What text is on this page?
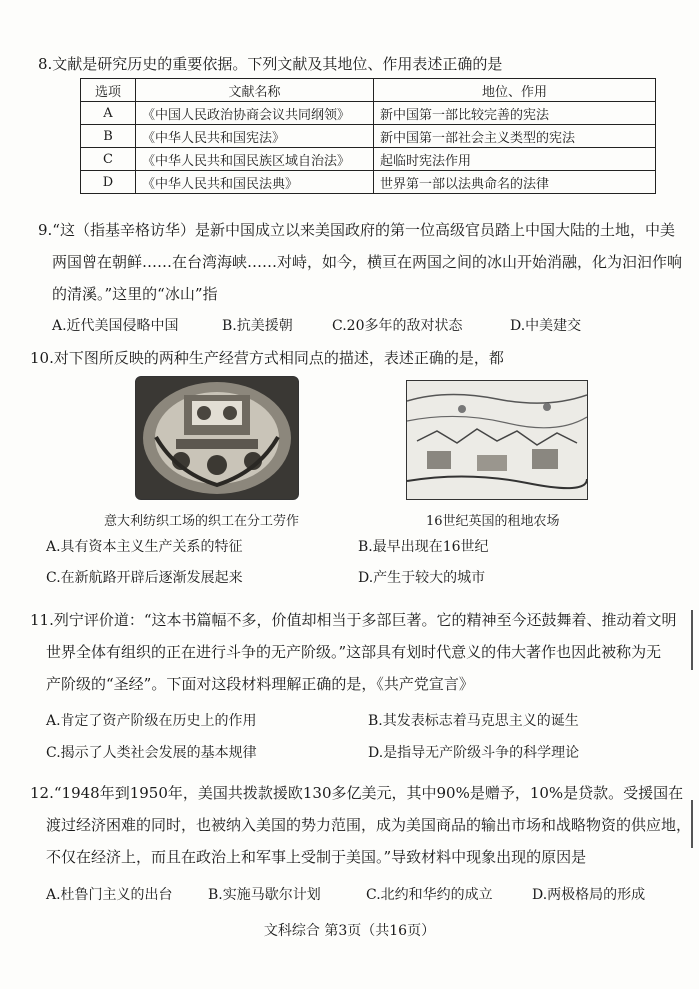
8.文献是研究历史的重要依据。下列文献及其地位、作用表述正确的是
选项	文献名称	地位、作用
A	《中国人民政治协商会议共同纲领》	新中国第一部比较完善的宪法
B	《中华人民共和国宪法》	新中国第一部社会主义类型的宪法
C	《中华人民共和国民族区域自治法》	起临时宪法作用
D	《中华人民共和国民法典》	世界第一部以法典命名的法律
9.“这（指基辛格访华）是新中国成立以来美国政府的第一位高级官员踏上中国大陆的土地，中美
两国曾在朝鲜……在台湾海峡……对峙，如今，横亘在两国之间的冰山开始消融，化为汩汩作响
的清溪。”这里的“冰山”指
A.近代美国侵略中国	B.抗美援朝	C.20多年的敌对状态	D.中美建交
10.对下图所反映的两种生产经营方式相同点的描述，表述正确的是，都
意大利纺织工场的织工在分工劳作	16世纪英国的租地农场
A.具有资本主义生产关系的特征	B.最早出现在16世纪
C.在新航路开辟后逐渐发展起来	D.产生于较大的城市
11.列宁评价道：“这本书篇幅不多，价值却相当于多部巨著。它的精神至今还鼓舞着、推动着文明
世界全体有组织的正在进行斗争的无产阶级。”这部具有划时代意义的伟大著作也因此被称为无
产阶级的“圣经”。下面对这段材料理解正确的是，《共产党宣言》
A.肯定了资产阶级在历史上的作用	B.其发表标志着马克思主义的诞生
C.揭示了人类社会发展的基本规律	D.是指导无产阶级斗争的科学理论
12.“1948年到1950年，美国共拨款援欧130多亿美元，其中90%是赠予，10%是贷款。受援国在
渡过经济困难的同时，也被纳入美国的势力范围，成为美国商品的输出市场和战略物资的供应地，
不仅在经济上，而且在政治上和军事上受制于美国。”导致材料中现象出现的原因是
A.杜鲁门主义的出台	B.实施马歇尔计划	C.北约和华约的成立	D.两极格局的形成
文科综合 第3页（共16页）
